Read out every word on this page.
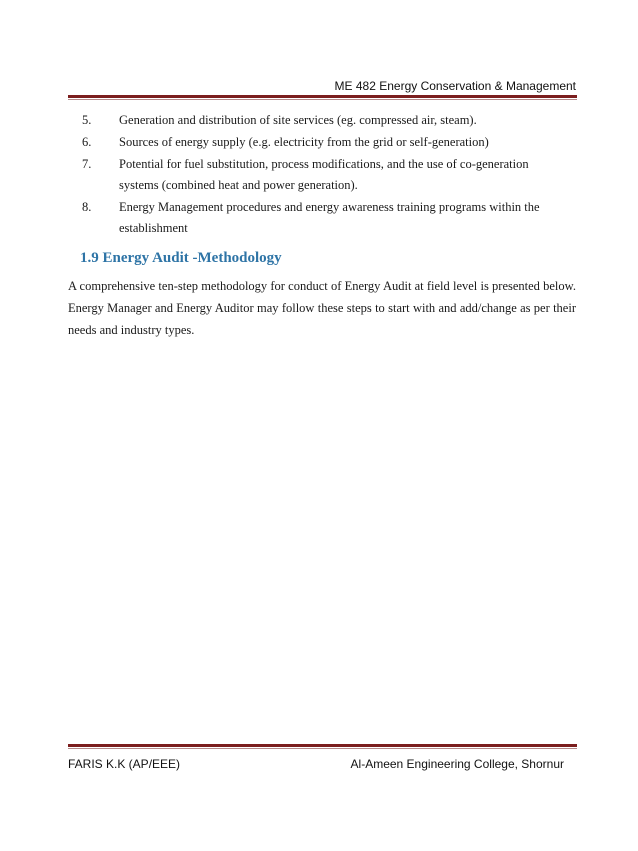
ME 482 Energy Conservation & Management
5.	Generation and distribution of site services (eg. compressed air, steam).
6.	Sources of energy supply (e.g. electricity from the grid or self-generation)
7.	Potential for fuel substitution, process modifications, and the use of co-generation systems (combined heat and power generation).
8.	Energy Management procedures and energy awareness training programs within the establishment
1.9 Energy Audit -Methodology

A comprehensive ten-step methodology for conduct of Energy Audit at field level is presented below. Energy Manager and Energy Auditor may follow these steps to start with and add/change as per their needs and industry types.

FARIS K.K (AP/EEE)	Al-Ameen Engineering College, Shornur
